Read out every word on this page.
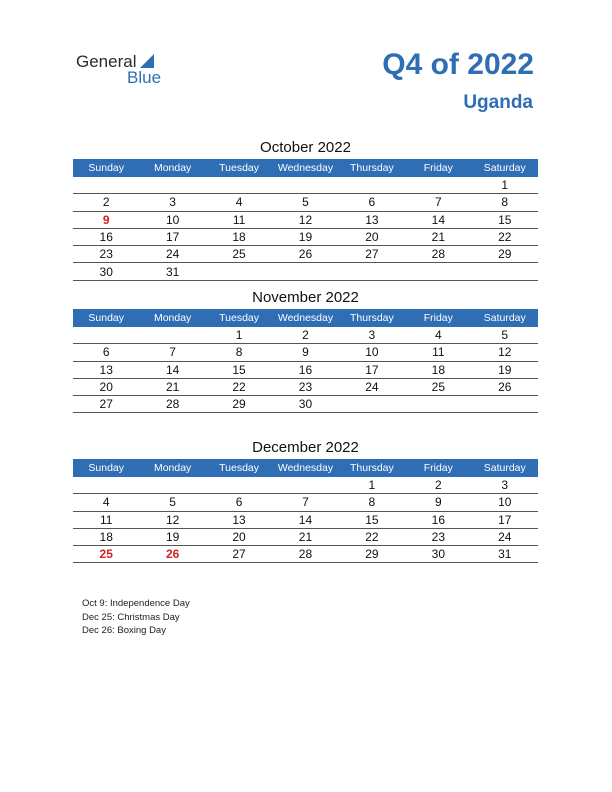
General
Blue	Q4 of 2022
Uganda
October 2022
Sunday	Monday	Tuesday	Wednesday	Thursday	Friday	Saturday
						1
2	3	4	5	6	7	8
9	10	11	12	13	14	15
16	17	18	19	20	21	22
23	24	25	26	27	28	29
30	31					
November 2022
Sunday	Monday	Tuesday	Wednesday	Thursday	Friday	Saturday
		1	2	3	4	5
6	7	8	9	10	11	12
13	14	15	16	17	18	19
20	21	22	23	24	25	26
27	28	29	30			
December 2022
Sunday	Monday	Tuesday	Wednesday	Thursday	Friday	Saturday
				1	2	3
4	5	6	7	8	9	10
11	12	13	14	15	16	17
18	19	20	21	22	23	24
25	26	27	28	29	30	31
Oct 9: Independence Day
Dec 25: Christmas Day
Dec 26: Boxing Day
